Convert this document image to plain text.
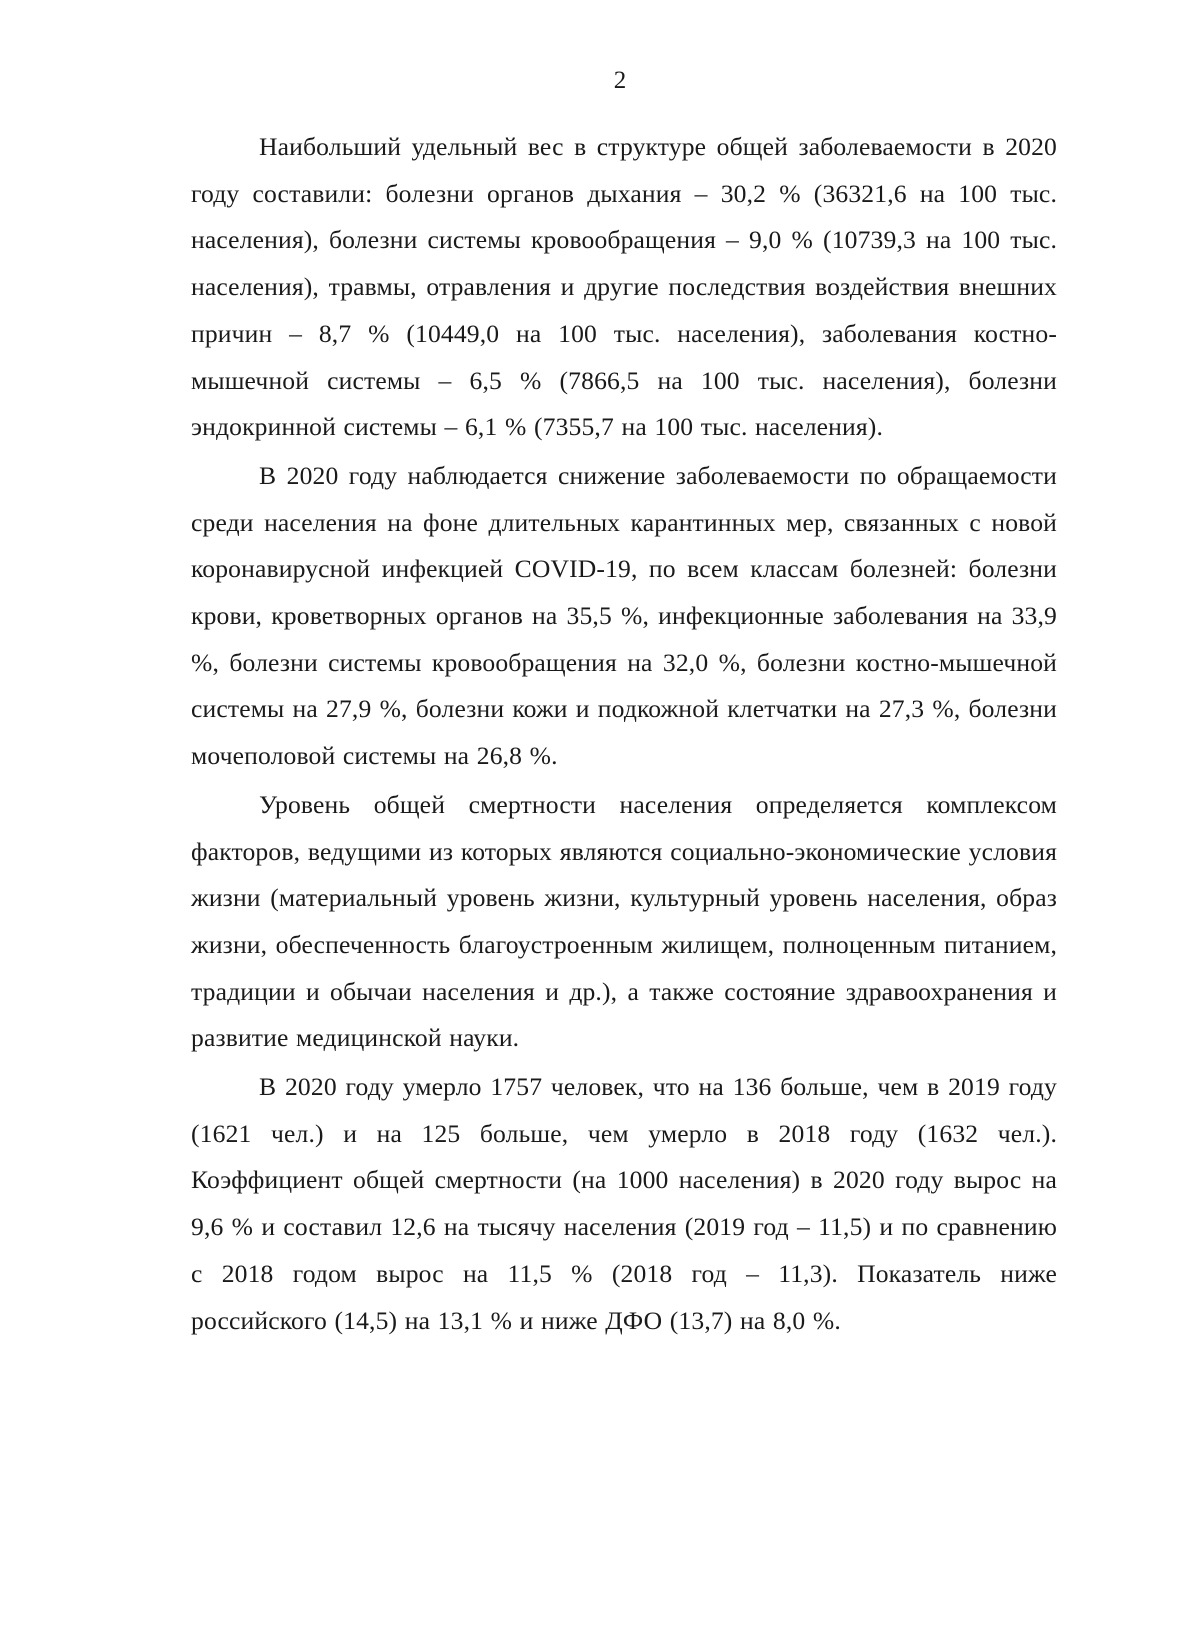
2

Наибольший удельный вес в структуре общей заболеваемости в 2020 году составили: болезни органов дыхания – 30,2 % (36321,6 на 100 тыс. населения), болезни системы кровообращения – 9,0 % (10739,3 на 100 тыс. населения), травмы, отравления и другие последствия воздействия внешних причин – 8,7 % (10449,0 на 100 тыс. населения), заболевания костно-мышечной системы – 6,5 % (7866,5 на 100 тыс. населения), болезни эндокринной системы – 6,1 % (7355,7 на 100 тыс. населения).

В 2020 году наблюдается снижение заболеваемости по обращаемости среди населения на фоне длительных карантинных мер, связанных с новой коронавирусной инфекцией COVID-19, по всем классам болезней: болезни крови, кроветворных органов на 35,5 %, инфекционные заболевания на 33,9 %, болезни системы кровообращения на 32,0 %, болезни костно-мышечной системы на 27,9 %, болезни кожи и подкожной клетчатки на 27,3 %, болезни мочеполовой системы на 26,8 %.

Уровень общей смертности населения определяется комплексом факторов, ведущими из которых являются социально-экономические условия жизни (материальный уровень жизни, культурный уровень населения, образ жизни, обеспеченность благоустроенным жилищем, полноценным питанием, традиции и обычаи населения и др.), а также состояние здравоохранения и развитие медицинской науки.

В 2020 году умерло 1757 человек, что на 136 больше, чем в 2019 году (1621 чел.) и на 125 больше, чем умерло в 2018 году (1632 чел.). Коэффициент общей смертности (на 1000 населения) в 2020 году вырос на 9,6 % и составил 12,6 на тысячу населения (2019 год – 11,5) и по сравнению с 2018 годом вырос на 11,5 % (2018 год – 11,3). Показатель ниже российского (14,5) на 13,1 % и ниже ДФО (13,7) на 8,0 %.
